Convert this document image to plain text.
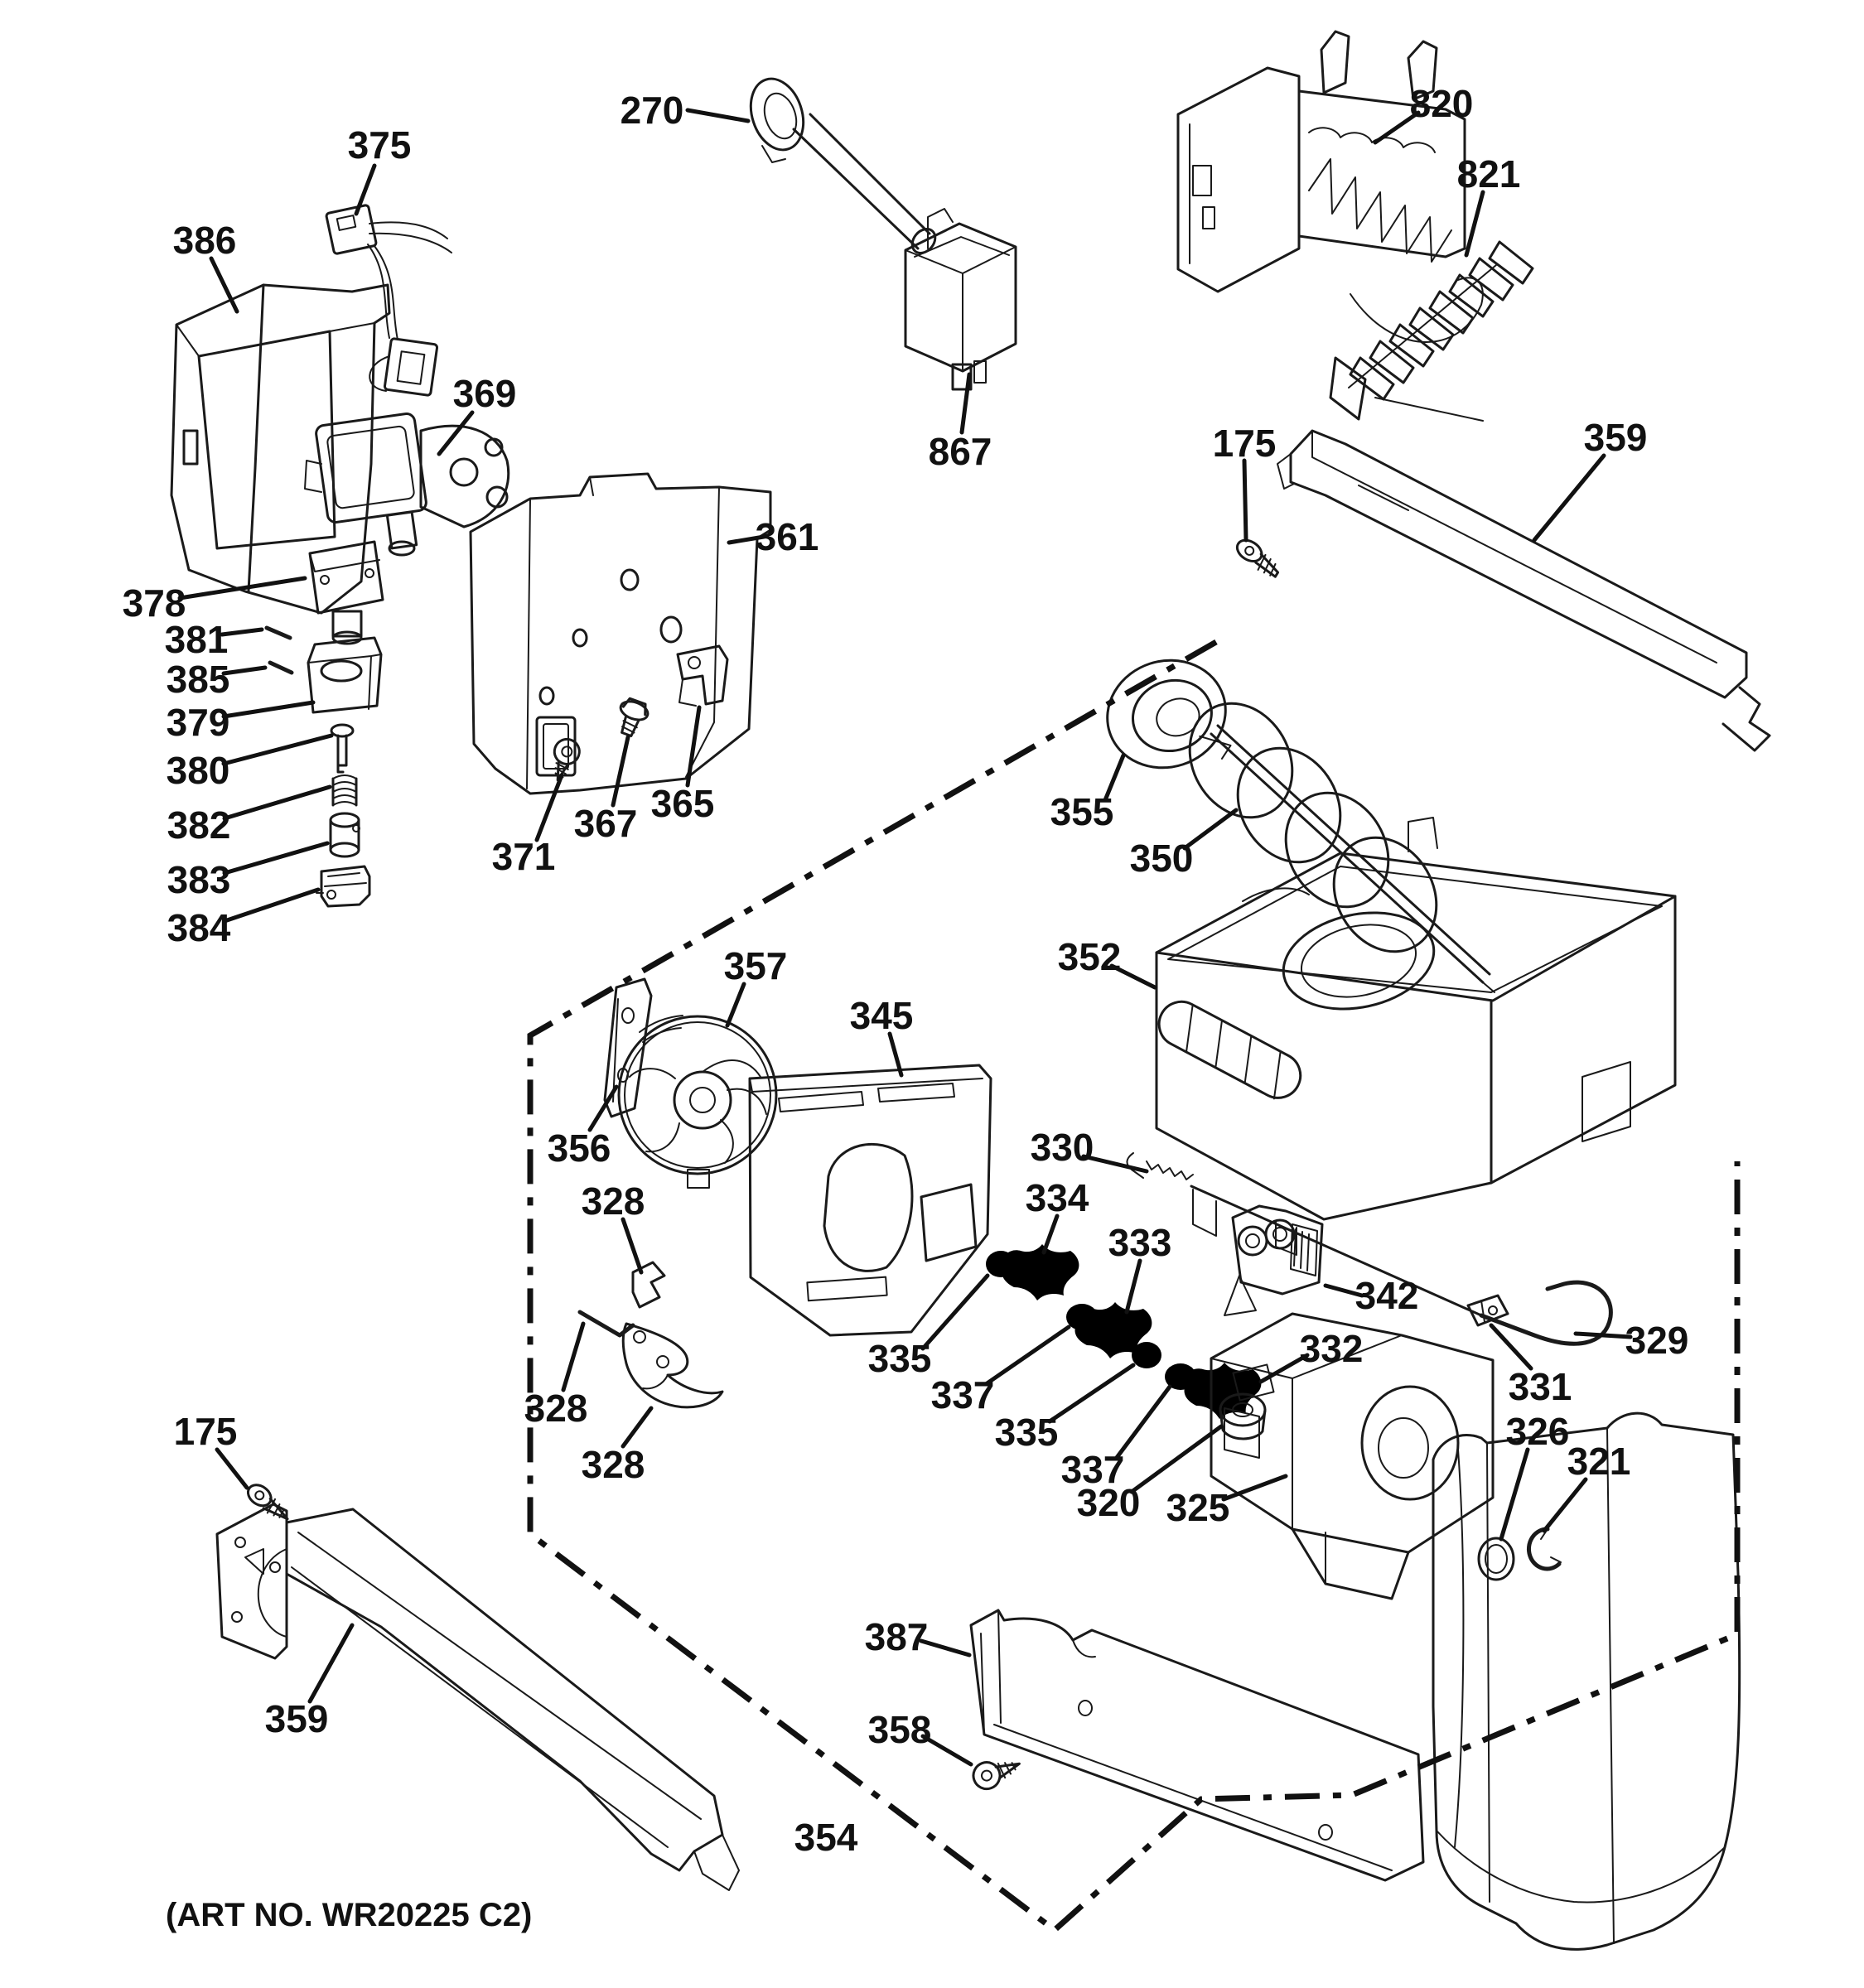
270
375
386
369
361
378
381
385
379
380
382
383
384
371
367 365
820
821
867	175	359
355
350
352
330
334
333
357
345
356
328
328
328
335
337
335
337
320
332
342
329
331
326
321
325
387
358
354
175
359
(ART NO. WR20225 C2)
